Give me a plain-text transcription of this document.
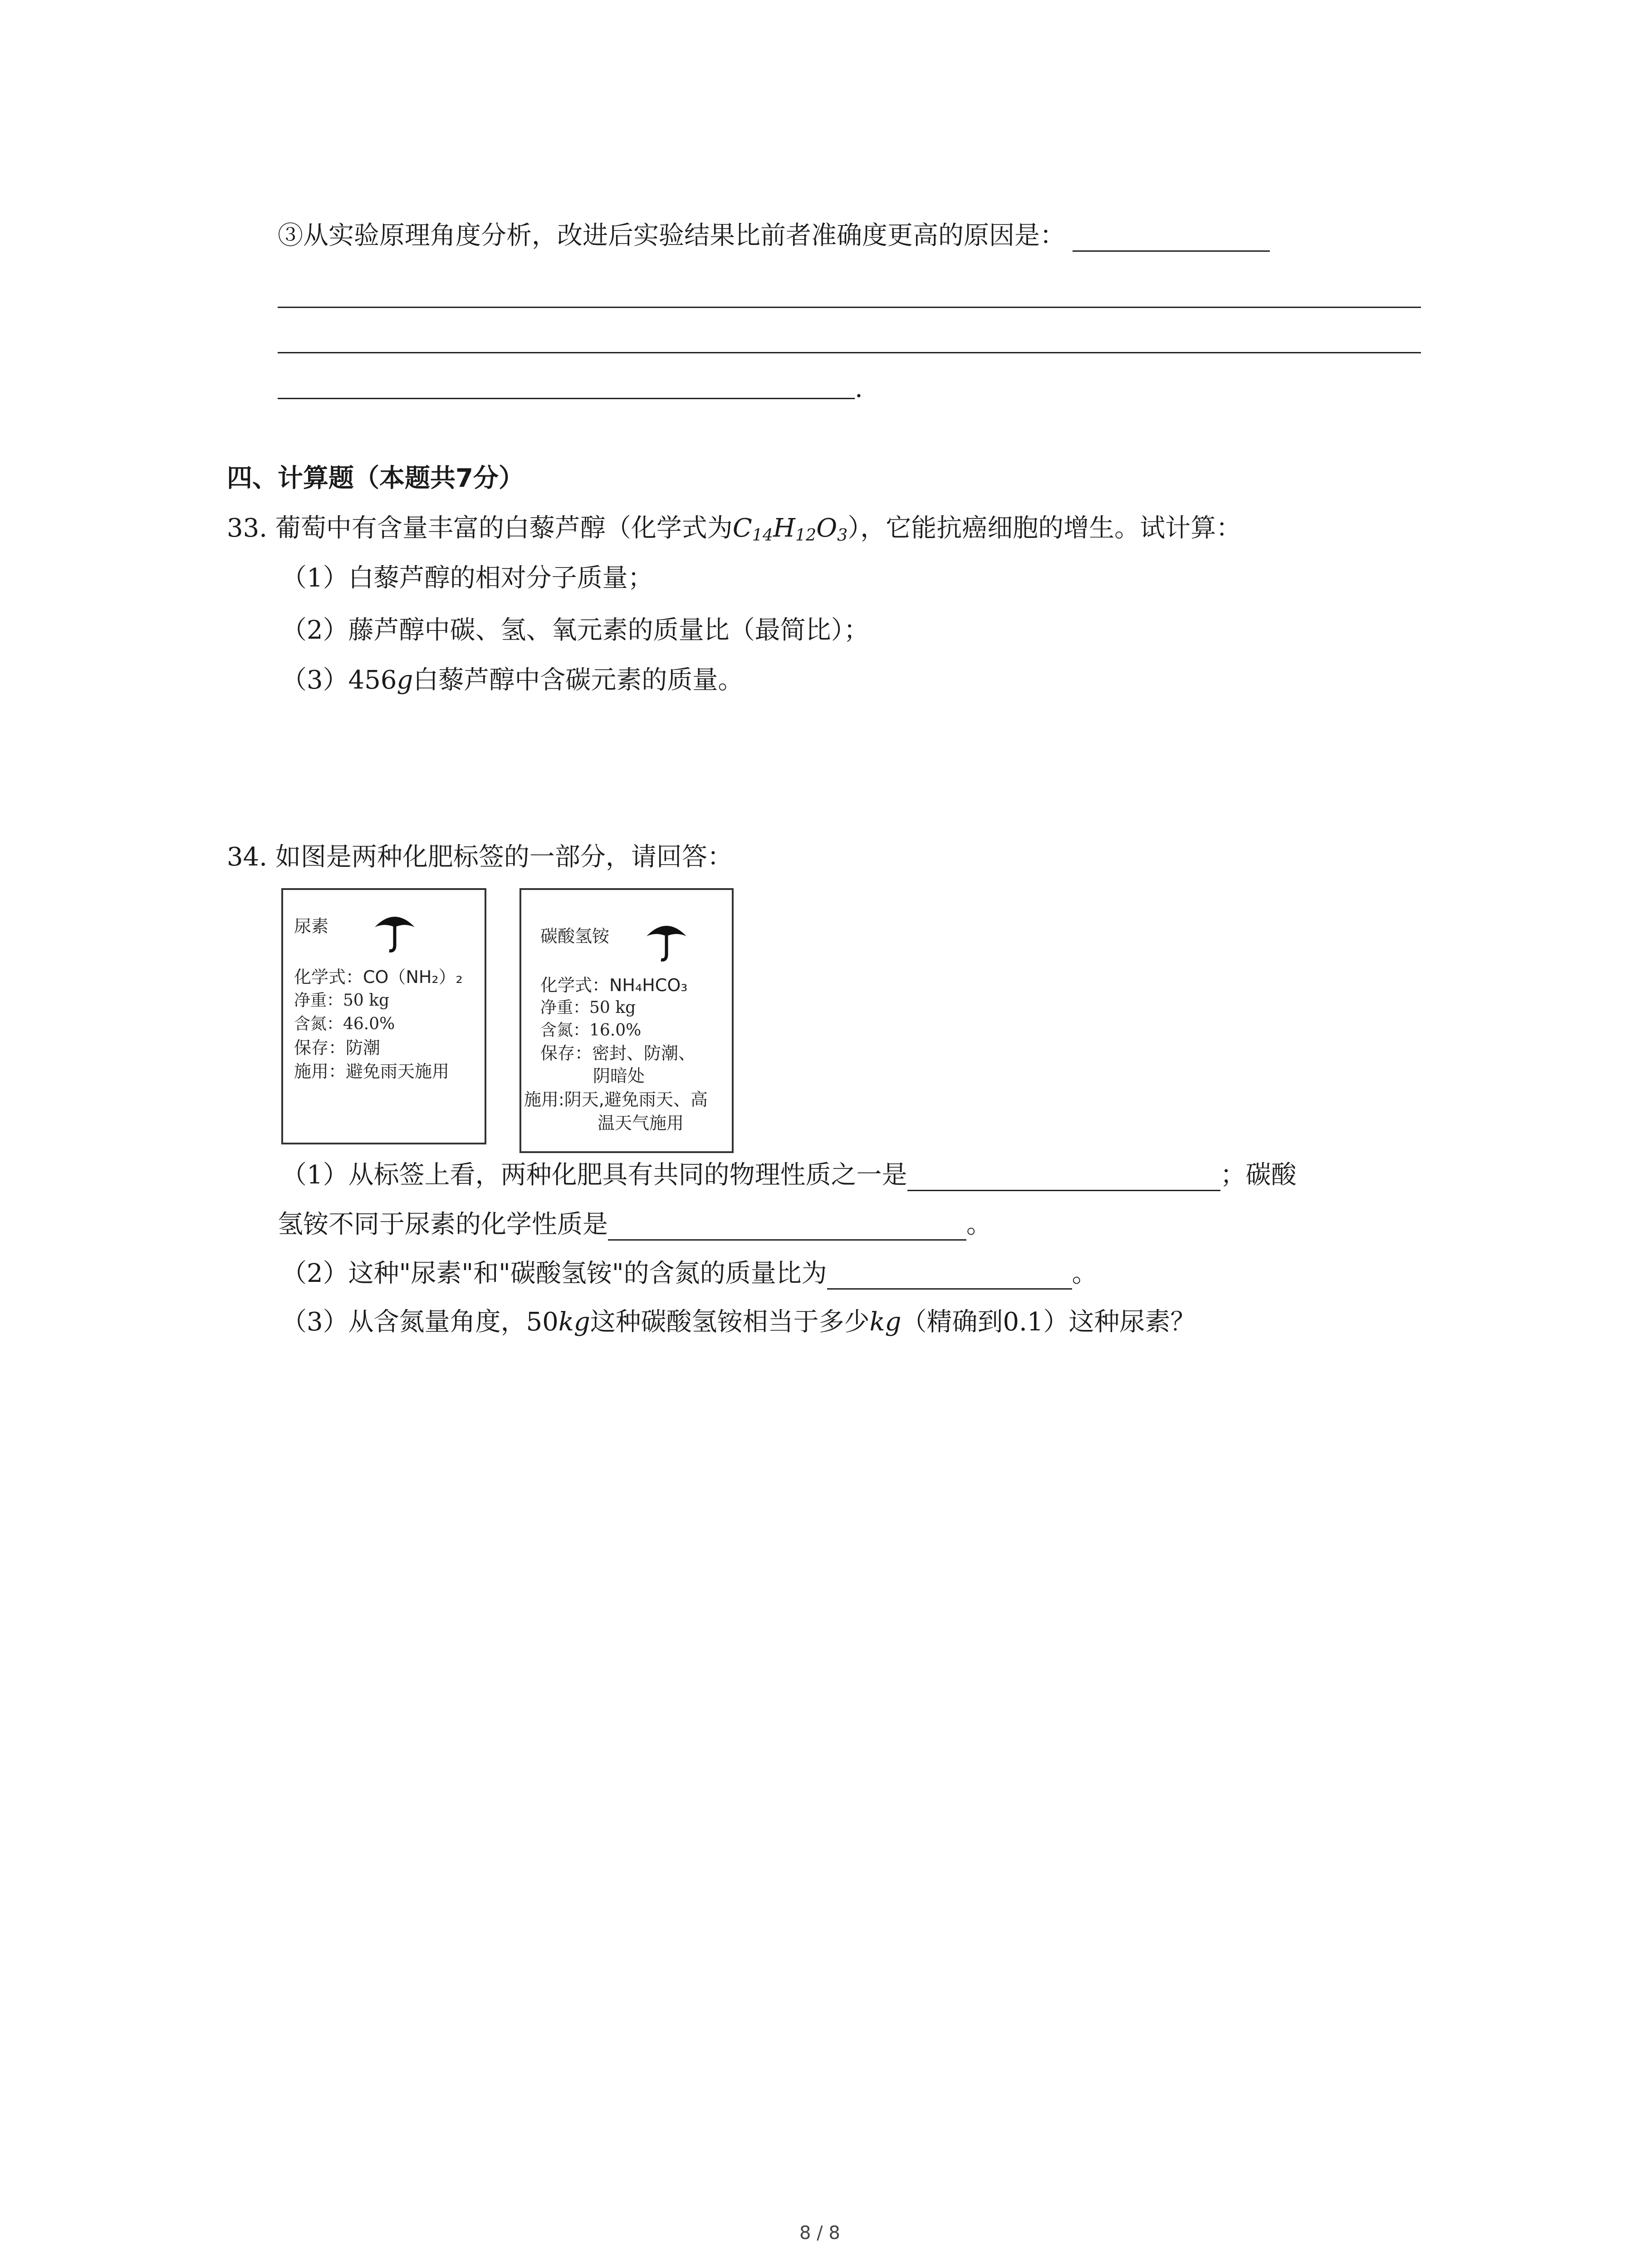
③从实验原理角度分析，改进后实验结果比前者准确度更高的原因是：
.
四、计算题（本题共7分）
33. 葡萄中有含量丰富的白藜芦醇（化学式为$C_{14}H_{12}O_3$），它能抗癌细胞的增生。试计算：
（1）白藜芦醇的相对分子质量；
（2）藤芦醇中碳、氢、氧元素的质量比（最简比）；
（3）456g白藜芦醇中含碳元素的质量。
34. 如图是两种化肥标签的一部分，请回答：
尿素
化学式：CO（NH₂）₂
净重：50 kg
含氮：46.0%
保存：防潮
施用：避免雨天施用
碳酸氢铵
化学式：NH₄HCO₃
净重：50 kg
含氮：16.0%
保存：密封、防潮、
阴暗处
施用:阴天,避免雨天、高
温天气施用
（1）从标签上看，两种化肥具有共同的物理性质之一是	；碳酸
氢铵不同于尿素的化学性质是	。
（2）这种"尿素"和"碳酸氢铵"的含氮的质量比为	。
（3）从含氮量角度，50kg这种碳酸氢铵相当于多少kg（精确到0.1）这种尿素？
8 / 8
